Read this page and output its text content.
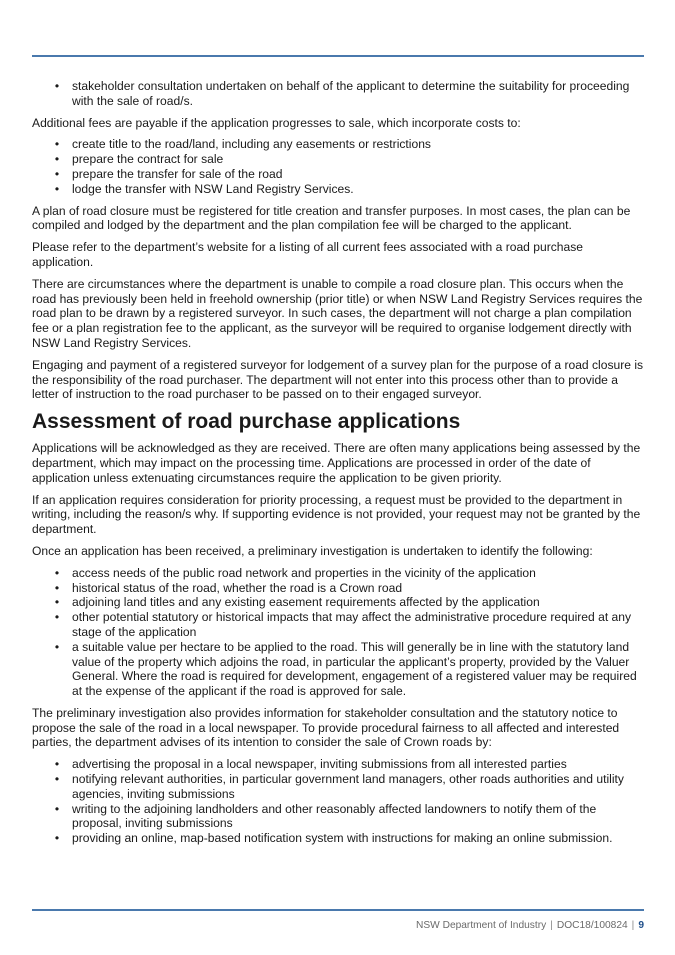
•	stakeholder consultation undertaken on behalf of the applicant to determine the suitability for proceeding with the sale of road/s.

Additional fees are payable if the application progresses to sale, which incorporate costs to:

•	create title to the road/land, including any easements or restrictions
•	prepare the contract for sale
•	prepare the transfer for sale of the road
•	lodge the transfer with NSW Land Registry Services.

A plan of road closure must be registered for title creation and transfer purposes. In most cases, the plan can be compiled and lodged by the department and the plan compilation fee will be charged to the applicant.

Please refer to the department’s website for a listing of all current fees associated with a road purchase application.

There are circumstances where the department is unable to compile a road closure plan. This occurs when the road has previously been held in freehold ownership (prior title) or when NSW Land Registry Services requires the road plan to be drawn by a registered surveyor. In such cases, the department will not charge a plan compilation fee or a plan registration fee to the applicant, as the surveyor will be required to organise lodgement directly with NSW Land Registry Services.

Engaging and payment of a registered surveyor for lodgement of a survey plan for the purpose of a road closure is the responsibility of the road purchaser. The department will not enter into this process other than to provide a letter of instruction to the road purchaser to be passed on to their engaged surveyor.

Assessment of road purchase applications

Applications will be acknowledged as they are received. There are often many applications being assessed by the department, which may impact on the processing time. Applications are processed in order of the date of application unless extenuating circumstances require the application to be given priority.

If an application requires consideration for priority processing, a request must be provided to the department in writing, including the reason/s why. If supporting evidence is not provided, your request may not be granted by the department.

Once an application has been received, a preliminary investigation is undertaken to identify the following:

•	access needs of the public road network and properties in the vicinity of the application
•	historical status of the road, whether the road is a Crown road
•	adjoining land titles and any existing easement requirements affected by the application
•	other potential statutory or historical impacts that may affect the administrative procedure required at any stage of the application
•	a suitable value per hectare to be applied to the road. This will generally be in line with the statutory land value of the property which adjoins the road, in particular the applicant’s property, provided by the Valuer General. Where the road is required for development, engagement of a registered valuer may be required at the expense of the applicant if the road is approved for sale.

The preliminary investigation also provides information for stakeholder consultation and the statutory notice to propose the sale of the road in a local newspaper. To provide procedural fairness to all affected and interested parties, the department advises of its intention to consider the sale of Crown roads by:

•	advertising the proposal in a local newspaper, inviting submissions from all interested parties
•	notifying relevant authorities, in particular government land managers, other roads authorities and utility agencies, inviting submissions
•	writing to the adjoining landholders and other reasonably affected landowners to notify them of the proposal, inviting submissions
•	providing an online, map-based notification system with instructions for making an online submission.
NSW Department of Industry | DOC18/100824 | 9
